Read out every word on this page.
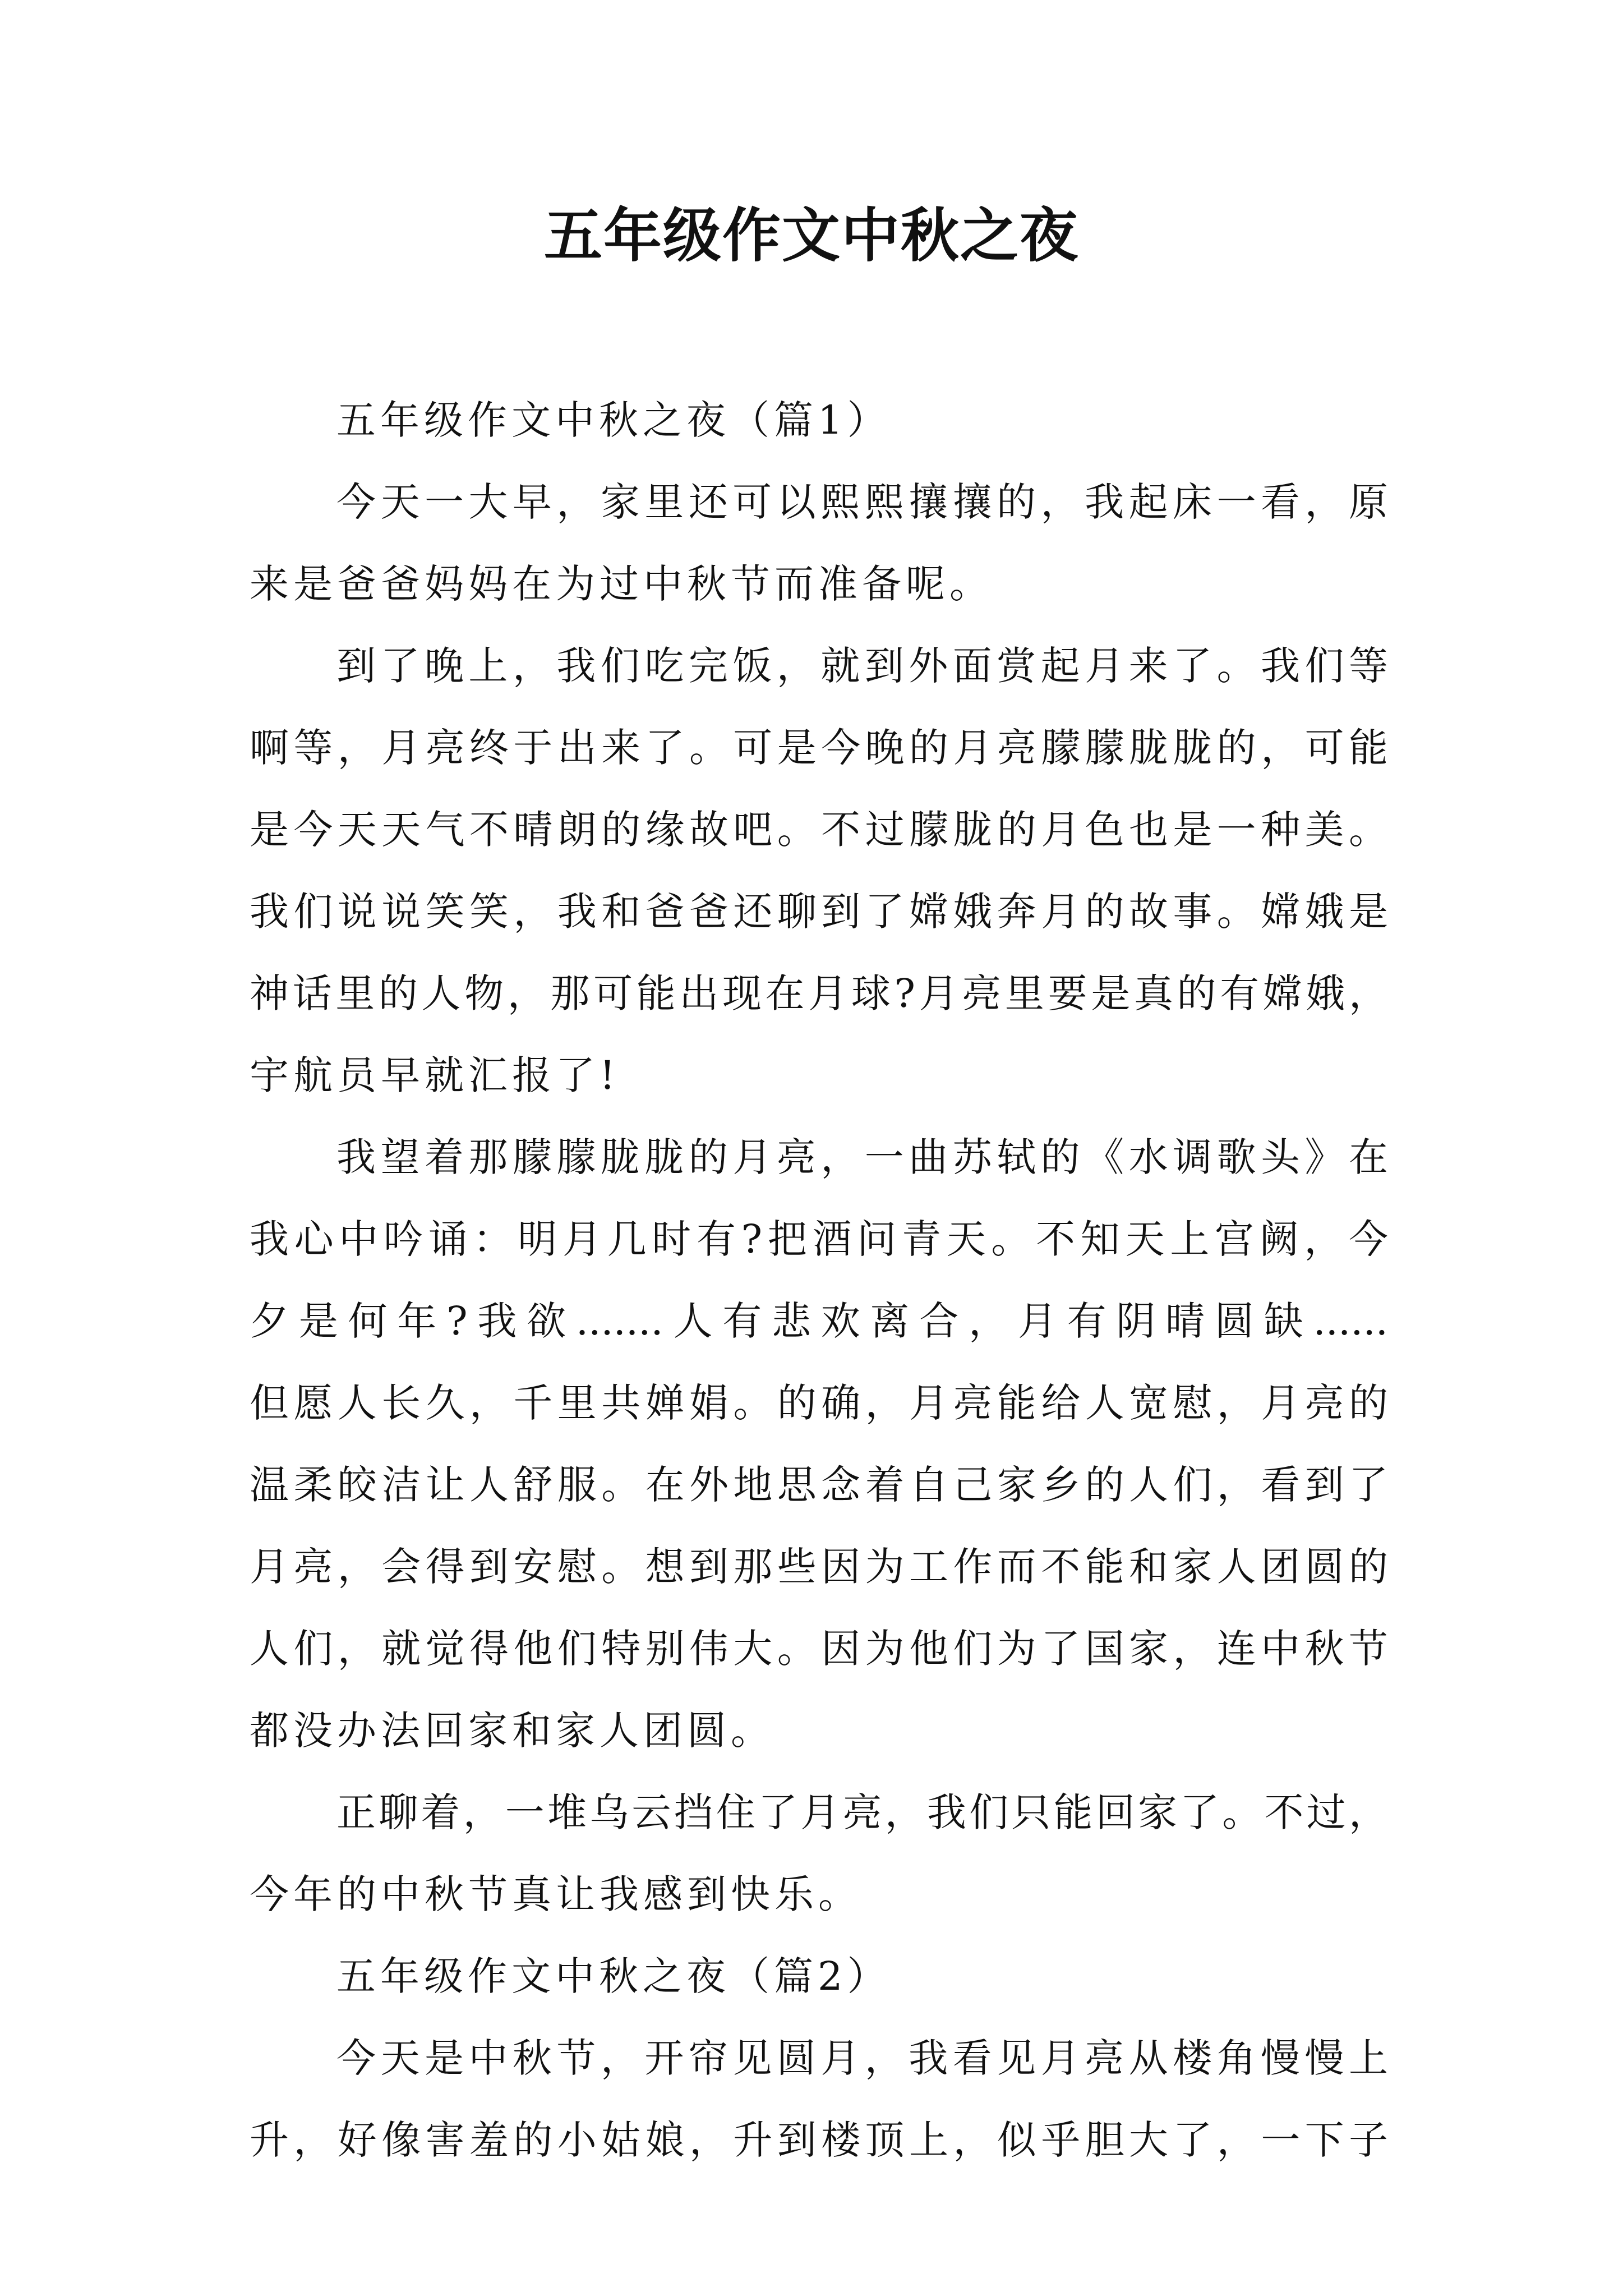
五年级作文中秋之夜
五年级作文中秋之夜（篇1）
今天一大早，家里还可以熙熙攘攘的，我起床一看，原
来是爸爸妈妈在为过中秋节而准备呢。
到了晚上，我们吃完饭，就到外面赏起月来了。我们等
啊等，月亮终于出来了。可是今晚的月亮朦朦胧胧的，可能
是今天天气不晴朗的缘故吧。不过朦胧的月色也是一种美。
我们说说笑笑，我和爸爸还聊到了嫦娥奔月的故事。嫦娥是
神话里的人物，那可能出现在月球?月亮里要是真的有嫦娥，
宇航员早就汇报了!
我望着那朦朦胧胧的月亮，一曲苏轼的《水调歌头》在
我心中吟诵：明月几时有?把酒问青天。不知天上宫阙，今
夕是何年?我欲.......人有悲欢离合，月有阴晴圆缺......
但愿人长久，千里共婵娟。的确，月亮能给人宽慰，月亮的
温柔皎洁让人舒服。在外地思念着自己家乡的人们，看到了
月亮，会得到安慰。想到那些因为工作而不能和家人团圆的
人们，就觉得他们特别伟大。因为他们为了国家，连中秋节
都没办法回家和家人团圆。
正聊着，一堆乌云挡住了月亮，我们只能回家了。不过，
今年的中秋节真让我感到快乐。
五年级作文中秋之夜（篇2）
今天是中秋节，开帘见圆月，我看见月亮从楼角慢慢上
升，好像害羞的小姑娘，升到楼顶上，似乎胆大了，一下子
